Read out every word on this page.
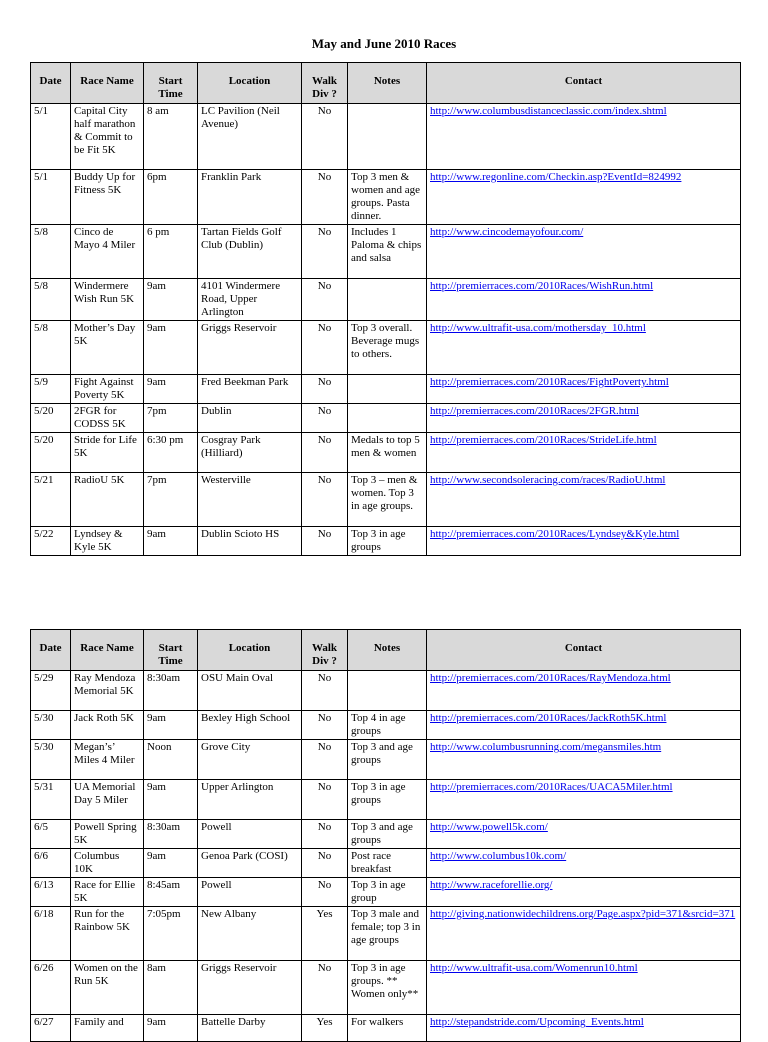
May and June 2010 Races
Date	Race Name	Start Time	Location	Walk Div ?	Notes	Contact
5/1	Capital City half marathon & Commit to be Fit 5K	8 am	LC Pavilion (Neil Avenue)	No		http://www.columbusdistanceclassic.com/index.shtml
5/1	Buddy Up for Fitness 5K	6pm	Franklin Park	No	Top 3 men & women and age groups. Pasta dinner.	http://www.regonline.com/Checkin.asp?EventId=824992
5/8	Cinco de Mayo 4 Miler	6 pm	Tartan Fields Golf Club (Dublin)	No	Includes 1 Paloma & chips and salsa	http://www.cincodemayofour.com/
5/8	Windermere Wish Run 5K	9am	4101 Windermere Road, Upper Arlington	No		http://premierraces.com/2010Races/WishRun.html
5/8	Mother’s Day 5K	9am	Griggs Reservoir	No	Top 3 overall. Beverage mugs to others.	http://www.ultrafit-usa.com/mothersday_10.html
5/9	Fight Against Poverty 5K	9am	Fred Beekman Park	No		http://premierraces.com/2010Races/FightPoverty.html
5/20	2FGR for CODSS 5K	7pm	Dublin	No		http://premierraces.com/2010Races/2FGR.html
5/20	Stride for Life 5K	6:30 pm	Cosgray Park (Hilliard)	No	Medals to top 5 men & women	http://premierraces.com/2010Races/StrideLife.html
5/21	RadioU 5K	7pm	Westerville	No	Top 3 – men & women. Top 3 in age groups.	http://www.secondsoleracing.com/races/RadioU.html
5/22	Lyndsey & Kyle 5K	9am	Dublin Scioto HS	No	Top 3 in age groups	http://premierraces.com/2010Races/Lyndsey&Kyle.html
Date	Race Name	Start Time	Location	Walk Div ?	Notes	Contact
5/29	Ray Mendoza Memorial 5K	8:30am	OSU Main Oval	No		http://premierraces.com/2010Races/RayMendoza.html
5/30	Jack Roth 5K	9am	Bexley High School	No	Top 4 in age groups	http://premierraces.com/2010Races/JackRoth5K.html
5/30	Megan’s’ Miles 4 Miler	Noon	Grove City	No	Top 3 and age groups	http://www.columbusrunning.com/megansmiles.htm
5/31	UA Memorial Day 5 Miler	9am	Upper Arlington	No	Top 3 in age groups	http://premierraces.com/2010Races/UACA5Miler.html
6/5	Powell Spring 5K	8:30am	Powell	No	Top 3 and age groups	http://www.powell5k.com/
6/6	Columbus 10K	9am	Genoa Park (COSI)	No	Post race breakfast	http://www.columbus10k.com/
6/13	Race for Ellie 5K	8:45am	Powell	No	Top 3 in age group	http://www.raceforellie.org/
6/18	Run for the Rainbow 5K	7:05pm	New Albany	Yes	Top 3 male and female; top 3 in age groups	http://giving.nationwidechildrens.org/Page.aspx?pid=371&srcid=371
6/26	Women on the Run 5K	8am	Griggs Reservoir	No	Top 3 in age groups. ** Women only**	http://www.ultrafit-usa.com/Womenrun10.html
6/27	Family and	9am	Battelle Darby	Yes	For walkers	http://stepandstride.com/Upcoming_Events.html
